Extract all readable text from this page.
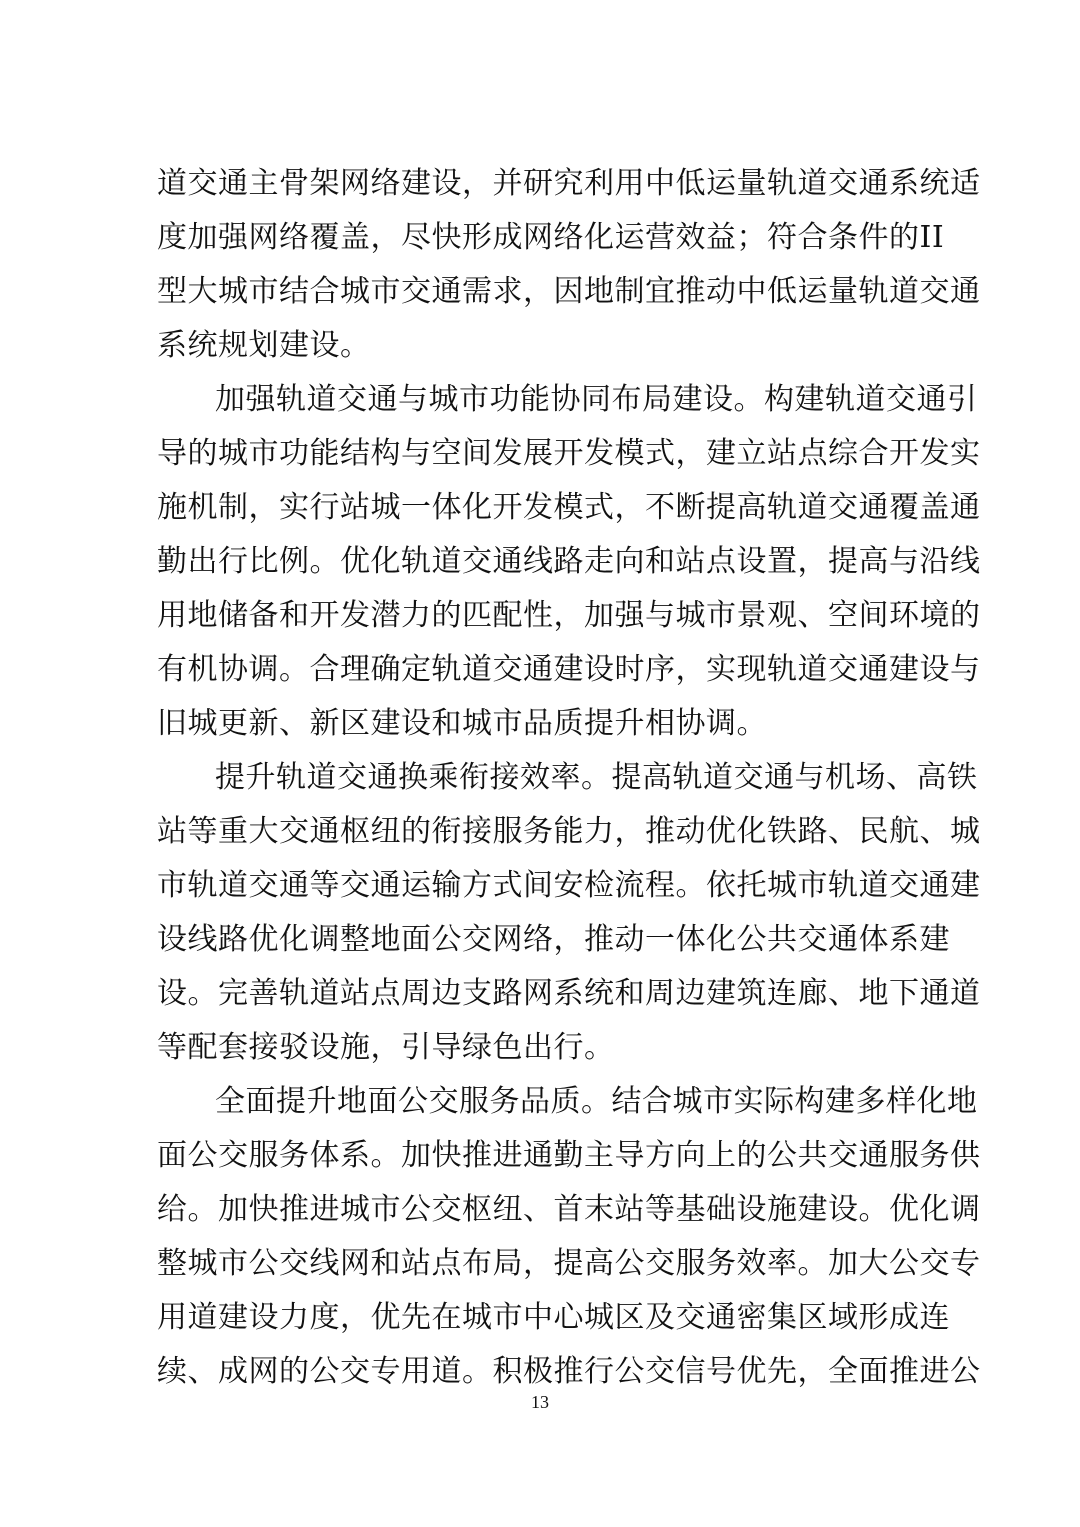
道交通主骨架网络建设，并研究利用中低运量轨道交通系统适
度加强网络覆盖，尽快形成网络化运营效益；符合条件的II
型大城市结合城市交通需求，因地制宜推动中低运量轨道交通
系统规划建设。
加强轨道交通与城市功能协同布局建设。构建轨道交通引
导的城市功能结构与空间发展开发模式，建立站点综合开发实
施机制，实行站城一体化开发模式，不断提高轨道交通覆盖通
勤出行比例。优化轨道交通线路走向和站点设置，提高与沿线
用地储备和开发潜力的匹配性，加强与城市景观、空间环境的
有机协调。合理确定轨道交通建设时序，实现轨道交通建设与
旧城更新、新区建设和城市品质提升相协调。
提升轨道交通换乘衔接效率。提高轨道交通与机场、高铁
站等重大交通枢纽的衔接服务能力，推动优化铁路、民航、城
市轨道交通等交通运输方式间安检流程。依托城市轨道交通建
设线路优化调整地面公交网络，推动一体化公共交通体系建
设。完善轨道站点周边支路网系统和周边建筑连廊、地下通道
等配套接驳设施，引导绿色出行。
全面提升地面公交服务品质。结合城市实际构建多样化地
面公交服务体系。加快推进通勤主导方向上的公共交通服务供
给。加快推进城市公交枢纽、首末站等基础设施建设。优化调
整城市公交线网和站点布局，提高公交服务效率。加大公交专
用道建设力度，优先在城市中心城区及交通密集区域形成连
续、成网的公交专用道。积极推行公交信号优先，全面推进公
13
